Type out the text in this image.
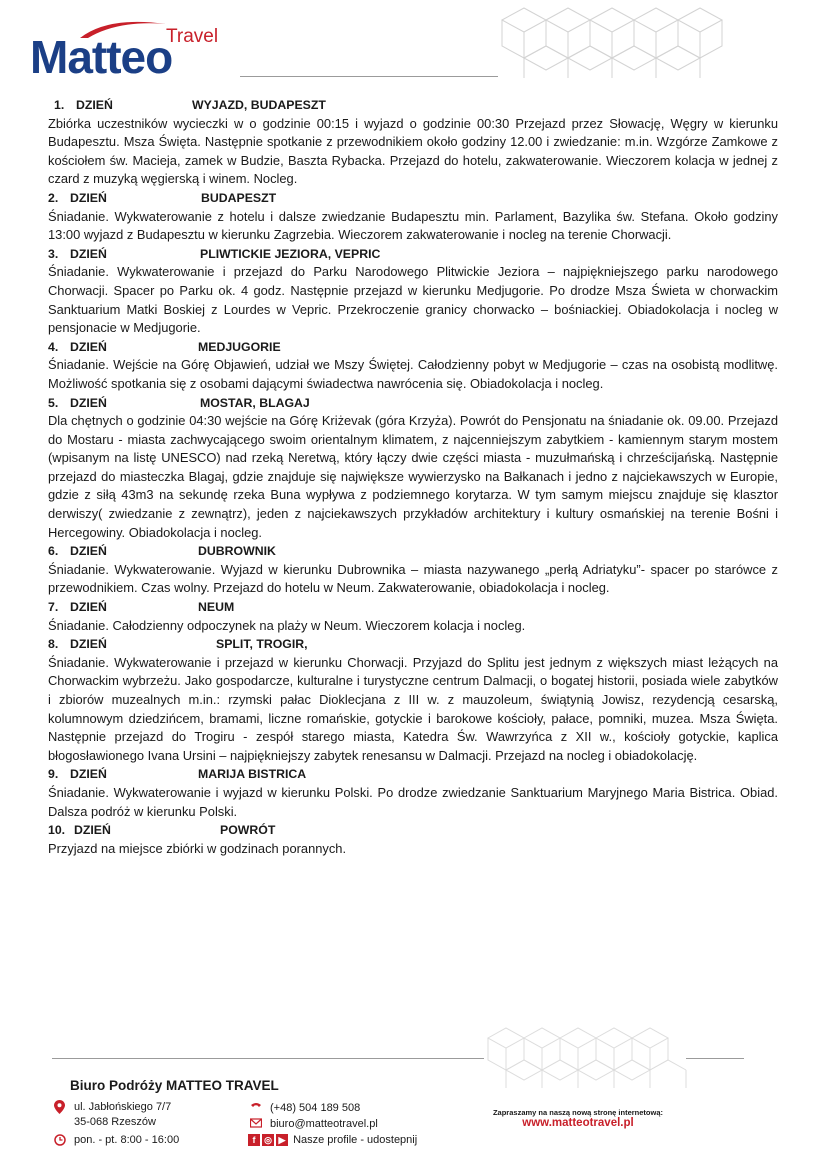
Matteo
Travel
1. DZIEŃ	WYJAZD, BUDAPESZT

Zbiórka uczestników wycieczki w o godzinie 00:15 i wyjazd o godzinie 00:30 Przejazd przez Słowację, Węgry w kierunku Budapesztu. Msza Święta. Następnie spotkanie z przewodnikiem około godziny 12.00 i zwiedzanie: m.in. Wzgórze Zamkowe z kościołem św. Macieja, zamek w Budzie, Baszta Rybacka. Przejazd do hotelu, zakwaterowanie. Wieczorem kolacja w jednej z czard z muzyką węgierską i winem. Nocleg.

2. DZIEŃ	BUDAPESZT

Śniadanie. Wykwaterowanie z hotelu i dalsze zwiedzanie Budapesztu min. Parlament, Bazylika św. Stefana. Około godziny 13:00 wyjazd z Budapesztu w kierunku Zagrzebia. Wieczorem zakwaterowanie i nocleg na terenie Chorwacji.

3. DZIEŃ	PLIWTICKIE JEZIORA, VEPRIC

Śniadanie. Wykwaterowanie i przejazd do Parku Narodowego Plitwickie Jeziora – najpiękniejszego parku narodowego Chorwacji. Spacer po Parku ok. 4 godz. Następnie przejazd w kierunku Medjugorie. Po drodze Msza Świeta w chorwackim Sanktuarium Matki Boskiej z Lourdes w Vepric. Przekroczenie granicy chorwacko – bośniackiej. Obiadokolacja i nocleg w pensjonacie w Medjugorie.

4. DZIEŃ	MEDJUGORIE

Śniadanie. Wejście na Górę Objawień, udział we Mszy Świętej. Całodzienny pobyt w Medjugorie – czas na osobistą modlitwę. Możliwość spotkania się z osobami dającymi świadectwa nawrócenia się. Obiadokolacja i nocleg.

5. DZIEŃ	MOSTAR, BLAGAJ

Dla chętnych o godzinie 04:30 wejście na Górę Kriżevak (góra Krzyża). Powrót do Pensjonatu na śniadanie ok. 09.00. Przejazd do Mostaru - miasta zachwycającego swoim orientalnym klimatem, z najcenniejszym zabytkiem - kamiennym starym mostem (wpisanym na listę UNESCO) nad rzeką Neretwą, który łączy dwie części miasta - muzułmańską i chrześcijańską. Następnie przejazd do miasteczka Blagaj, gdzie znajduje się największe wywierzysko na Bałkanach i jedno z najciekawszych w Europie, gdzie z siłą 43m3 na sekundę rzeka Buna wypływa z podziemnego korytarza. W tym samym miejscu znajduje się klasztor derwiszy( zwiedzanie z zewnątrz), jeden z najciekawszych przykładów architektury i kultury osmańskiej na terenie Bośni i Hercegowiny. Obiadokolacja i nocleg.

6. DZIEŃ	DUBROWNIK

Śniadanie. Wykwaterowanie. Wyjazd w kierunku Dubrownika – miasta nazywanego „perłą Adriatyku”- spacer po starówce z przewodnikiem. Czas wolny. Przejazd do hotelu w Neum. Zakwaterowanie, obiadokolacja i nocleg.

7. DZIEŃ	NEUM

Śniadanie. Całodzienny odpoczynek na plaży w Neum. Wieczorem kolacja i nocleg.

8. DZIEŃ	SPLIT, TROGIR,

Śniadanie. Wykwaterowanie i przejazd w kierunku Chorwacji. Przyjazd do Splitu jest jednym z większych miast leżących na Chorwackim wybrzeżu. Jako gospodarcze, kulturalne i turystyczne centrum Dalmacji, o bogatej historii, posiada wiele zabytków i zbiorów muzealnych m.in.: rzymski pałac Dioklecjana z III w. z mauzoleum, świątynią Jowisz, rezydencją cesarską, kolumnowym dziedzińcem, bramami, liczne romańskie, gotyckie i barokowe kościoły, pałace, pomniki, muzea. Msza Święta. Następnie przejazd do Trogiru - zespół starego miasta, Katedra Św. Wawrzyńca z XII w., kościoły gotyckie, kaplica błogosławionego Ivana Ursini – najpiękniejszy zabytek renesansu w Dalmacji. Przejazd na nocleg i obiadokolację.

9. DZIEŃ	MARIJA BISTRICA

Śniadanie. Wykwaterowanie i wyjazd w kierunku Polski. Po drodze zwiedzanie Sanktuarium Maryjnego Maria Bistrica. Obiad. Dalsza podróż w kierunku Polski.

10. DZIEŃ	POWRÓT

Przyjazd na miejsce zbiórki w godzinach porannych.

Biuro Podróży MATTEO TRAVEL
ul. Jabłońskiego 7/7
35-068 Rzeszów
pon. - pt. 8:00 - 16:00
(+48) 504 189 508
biuro@matteotravel.pl
f ◎ ▶ Nasze profile - udostepnij
Zapraszamy na naszą nową stronę internetową:
www.matteotravel.pl
